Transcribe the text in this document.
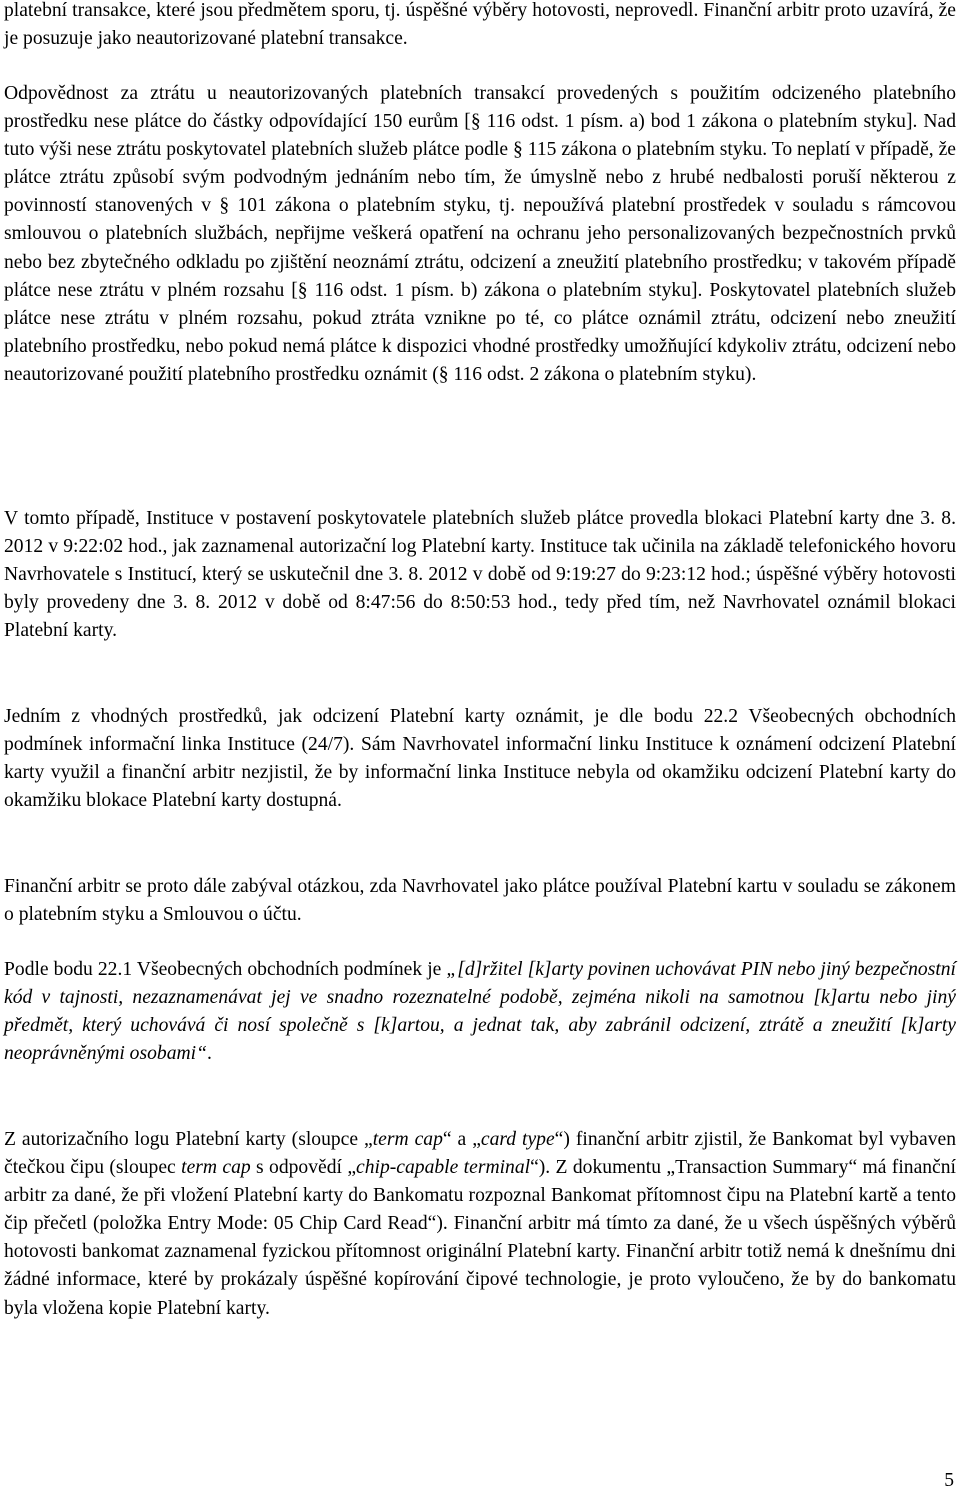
platební transakce, které jsou předmětem sporu, tj. úspěšné výběry hotovosti, neprovedl. Finanční arbitr proto uzavírá, že je posuzuje jako neautorizované platební transakce.

Odpovědnost za ztrátu u neautorizovaných platebních transakcí provedených s použitím odcizeného platebního prostředku nese plátce do částky odpovídající 150 eurům [§ 116 odst. 1 písm. a) bod 1 zákona o platebním styku]. Nad tuto výši nese ztrátu poskytovatel platebních služeb plátce podle § 115 zákona o platebním styku. To neplatí v případě, že plátce ztrátu způsobí svým podvodným jednáním nebo tím, že úmyslně nebo z hrubé nedbalosti poruší některou z povinností stanovených v § 101 zákona o platebním styku, tj. nepoužívá platební prostředek v souladu s rámcovou smlouvou o platebních službách, nepřijme veškerá opatření na ochranu jeho personalizovaných bezpečnostních prvků nebo bez zbytečného odkladu po zjištění neoznámí ztrátu, odcizení a zneužití platebního prostředku; v takovém případě plátce nese ztrátu v plném rozsahu [§ 116 odst. 1 písm. b) zákona o platebním styku]. Poskytovatel platebních služeb plátce nese ztrátu v plném rozsahu, pokud ztráta vznikne po té, co plátce oznámil ztrátu, odcizení nebo zneužití platebního prostředku, nebo pokud nemá plátce k dispozici vhodné prostředky umožňující kdykoliv ztrátu, odcizení nebo neautorizované použití platebního prostředku oznámit (§ 116 odst. 2 zákona o platebním styku).

V tomto případě, Instituce v postavení poskytovatele platebních služeb plátce provedla blokaci Platební karty dne 3. 8. 2012 v 9:22:02 hod., jak zaznamenal autorizační log Platební karty. Instituce tak učinila na základě telefonického hovoru Navrhovatele s Institucí, který se uskutečnil dne 3. 8. 2012 v době od 9:19:27 do 9:23:12 hod.; úspěšné výběry hotovosti byly provedeny dne 3. 8. 2012 v době od 8:47:56 do 8:50:53 hod., tedy před tím, než Navrhovatel oznámil blokaci Platební karty.

Jedním z vhodných prostředků, jak odcizení Platební karty oznámit, je dle bodu 22.2 Všeobecných obchodních podmínek informační linka Instituce (24/7). Sám Navrhovatel informační linku Instituce k oznámení odcizení Platební karty využil a finanční arbitr nezjistil, že by informační linka Instituce nebyla od okamžiku odcizení Platební karty do okamžiku blokace Platební karty dostupná.

Finanční arbitr se proto dále zabýval otázkou, zda Navrhovatel jako plátce používal Platební kartu v souladu se zákonem o platebním styku a Smlouvou o účtu.

Podle bodu 22.1 Všeobecných obchodních podmínek je „[d]ržitel [k]arty povinen uchovávat PIN nebo jiný bezpečnostní kód v tajnosti, nezaznamenávat jej ve snadno rozeznatelné podobě, zejména nikoli na samotnou [k]artu nebo jiný předmět, který uchovává či nosí společně s [k]artou, a jednat tak, aby zabránil odcizení, ztrátě a zneužití [k]arty neoprávněnými osobami“.

Z autorizačního logu Platební karty (sloupce „term cap“ a „card type“) finanční arbitr zjistil, že Bankomat byl vybaven čtečkou čipu (sloupec term cap s odpovědí „chip-capable terminal“). Z dokumentu „Transaction Summary“ má finanční arbitr za dané, že při vložení Platební karty do Bankomatu rozpoznal Bankomat přítomnost čipu na Platební kartě a tento čip přečetl (položka Entry Mode: 05 Chip Card Read“). Finanční arbitr má tímto za dané, že u všech úspěšných výběrů hotovosti bankomat zaznamenal fyzickou přítomnost originální Platební karty. Finanční arbitr totiž nemá k dnešnímu dni žádné informace, které by prokázaly úspěšné kopírování čipové technologie, je proto vyloučeno, že by do bankomatu byla vložena kopie Platební karty.

5
